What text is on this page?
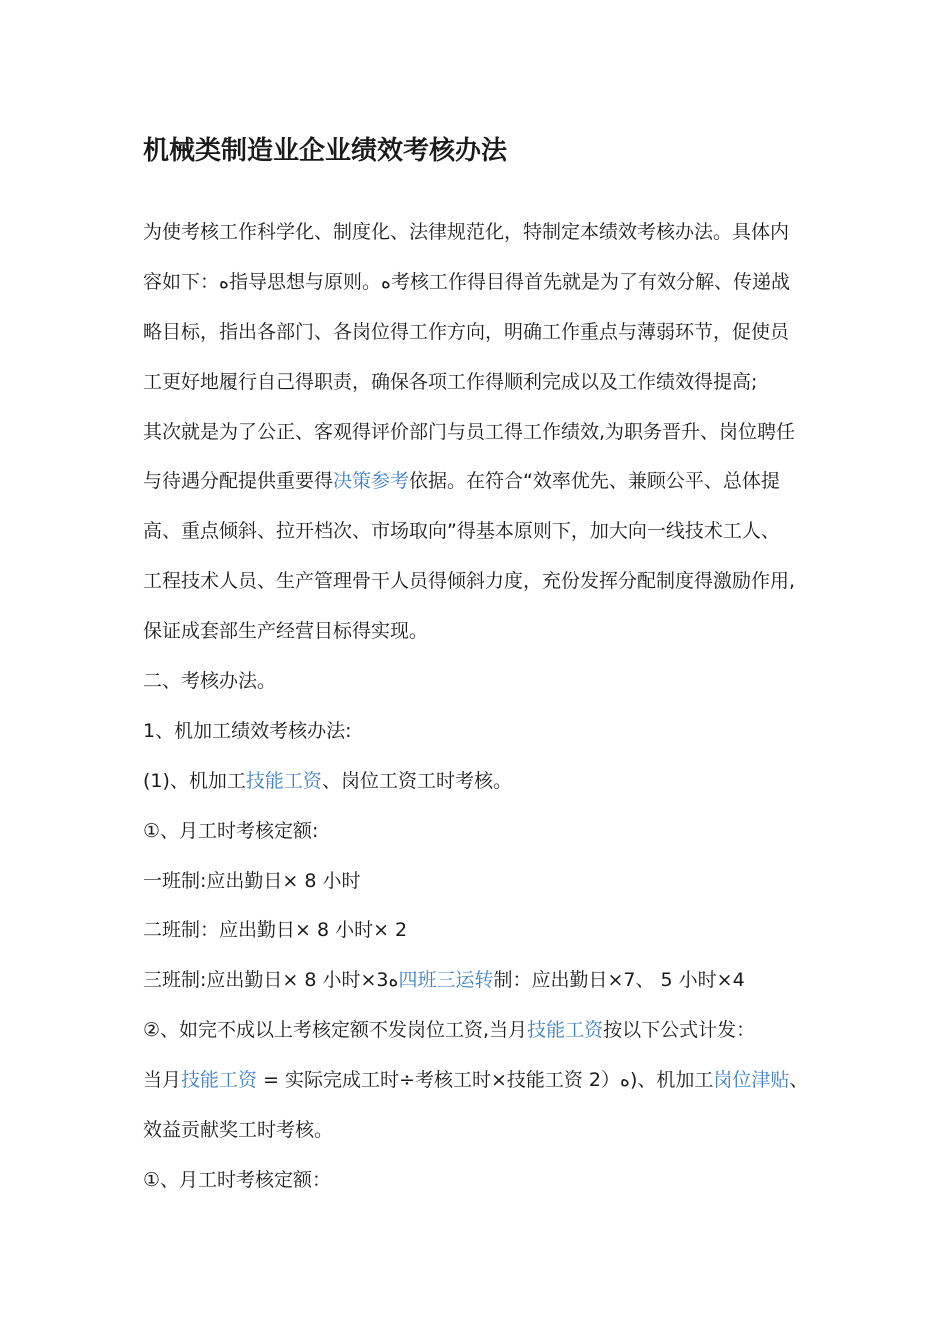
机械类制造业企业绩效考核办法
为使考核工作科学化、制度化、法律规范化，特制定本绩效考核办法。具体内
容如下：ﻩ指导思想与原则。ﻩ考核工作得目得首先就是为了有效分解、传递战
略目标，指出各部门、各岗位得工作方向，明确工作重点与薄弱环节，促使员
工更好地履行自己得职责，确保各项工作得顺利完成以及工作绩效得提高;
其次就是为了公正、客观得评价部门与员工得工作绩效,为职务晋升、岗位聘任
与待遇分配提供重要得决策参考依据。在符合“效率优先、兼顾公平、总体提
高、重点倾斜、拉开档次、市场取向”得基本原则下，加大向一线技术工人、
工程技术人员、生产管理骨干人员得倾斜力度，充份发挥分配制度得激励作用,
保证成套部生产经营目标得实现。
二、考核办法。
1、机加工绩效考核办法:
(1)、机加工技能工资、岗位工资工时考核。
①、月工时考核定额:
一班制:应出勤日× 8 小时
二班制：应出勤日× 8 小时× 2
三班制:应出勤日× 8 小时×3ﻩ四班三运转制：应出勤日×7、 5 小时×4
②、如完不成以上考核定额不发岗位工资,当月技能工资按以下公式计发：
当月技能工资 = 实际完成工时÷考核工时×技能工资 2）ﻩ)、机加工岗位津贴、
效益贡献奖工时考核。
①、月工时考核定额：
